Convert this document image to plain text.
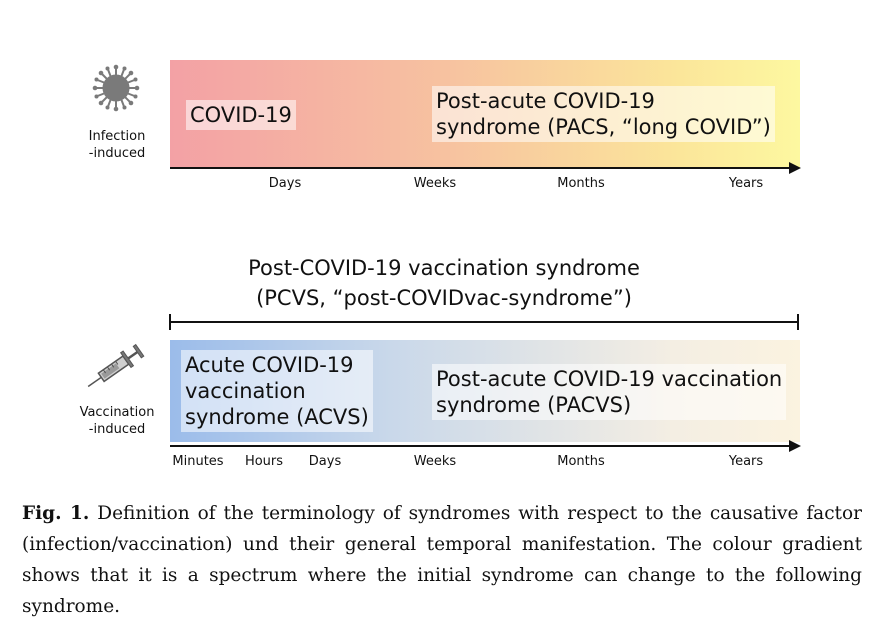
Infection
-induced
COVID-19
Post-acute COVID-19
syndrome (PACS, “long COVID”)
Days	Weeks	Months	Years
Post-COVID-19 vaccination syndrome
(PCVS, “post-COVIDvac-syndrome”)
Vaccination
-induced
Acute COVID-19
vaccination
syndrome (ACVS)
Post-acute COVID-19 vaccination
syndrome (PACVS)
Minutes Hours Days	Weeks	Months	Years
Fig. 1. Definition of the terminology of syndromes with respect to the causative factor (infection/vaccination) und their general temporal manifestation. The colour gradient shows that it is a spectrum where the initial syndrome can change to the following syndrome.
